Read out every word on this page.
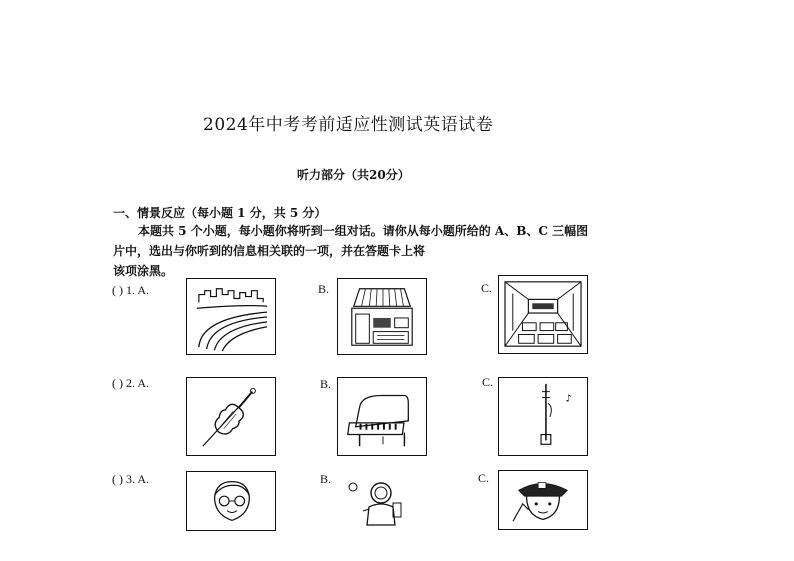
2024年中考考前适应性测试英语试卷
听力部分（共20分）
一、情景反应（每小题 1 分，共 5 分）
本题共 5 个小题，每小题你将听到一组对话。请你从每小题所给的 A、B、C 三幅图
片中，选出与你听到的信息相关联的一项，并在答题卡上将
该项涂黑。
( ) 1. A.	B.	C.
( ) 2. A.	B.	C.
♪
( ) 3. A.	B.	C.
